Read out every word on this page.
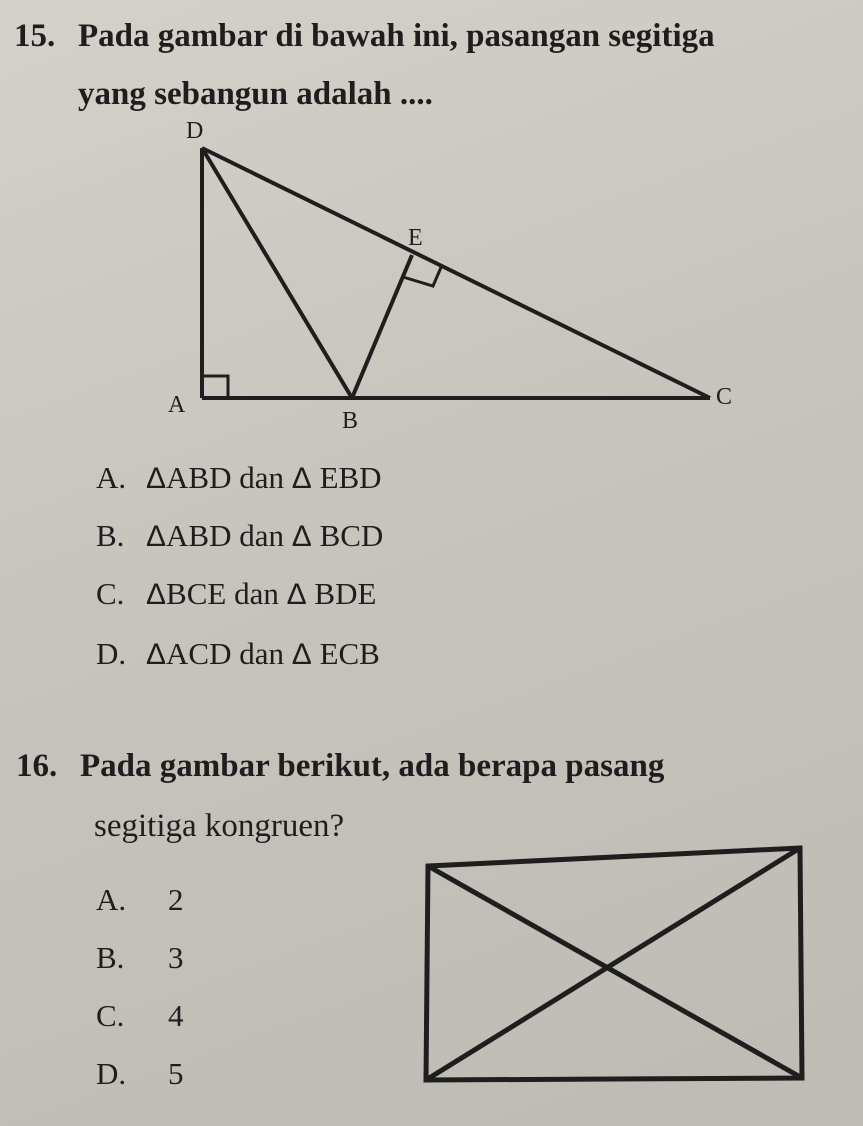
15. Pada gambar di bawah ini, pasangan segitiga
yang sebangun adalah ....
D
E
A
B
C
A. ΔABD dan Δ EBD
B. ΔABD dan Δ BCD
C. ΔBCE dan Δ BDE
D. ΔACD dan Δ ECB
16. Pada gambar berikut, ada berapa pasang
segitiga kongruen?
A. 2
B. 3
C. 4
D. 5
